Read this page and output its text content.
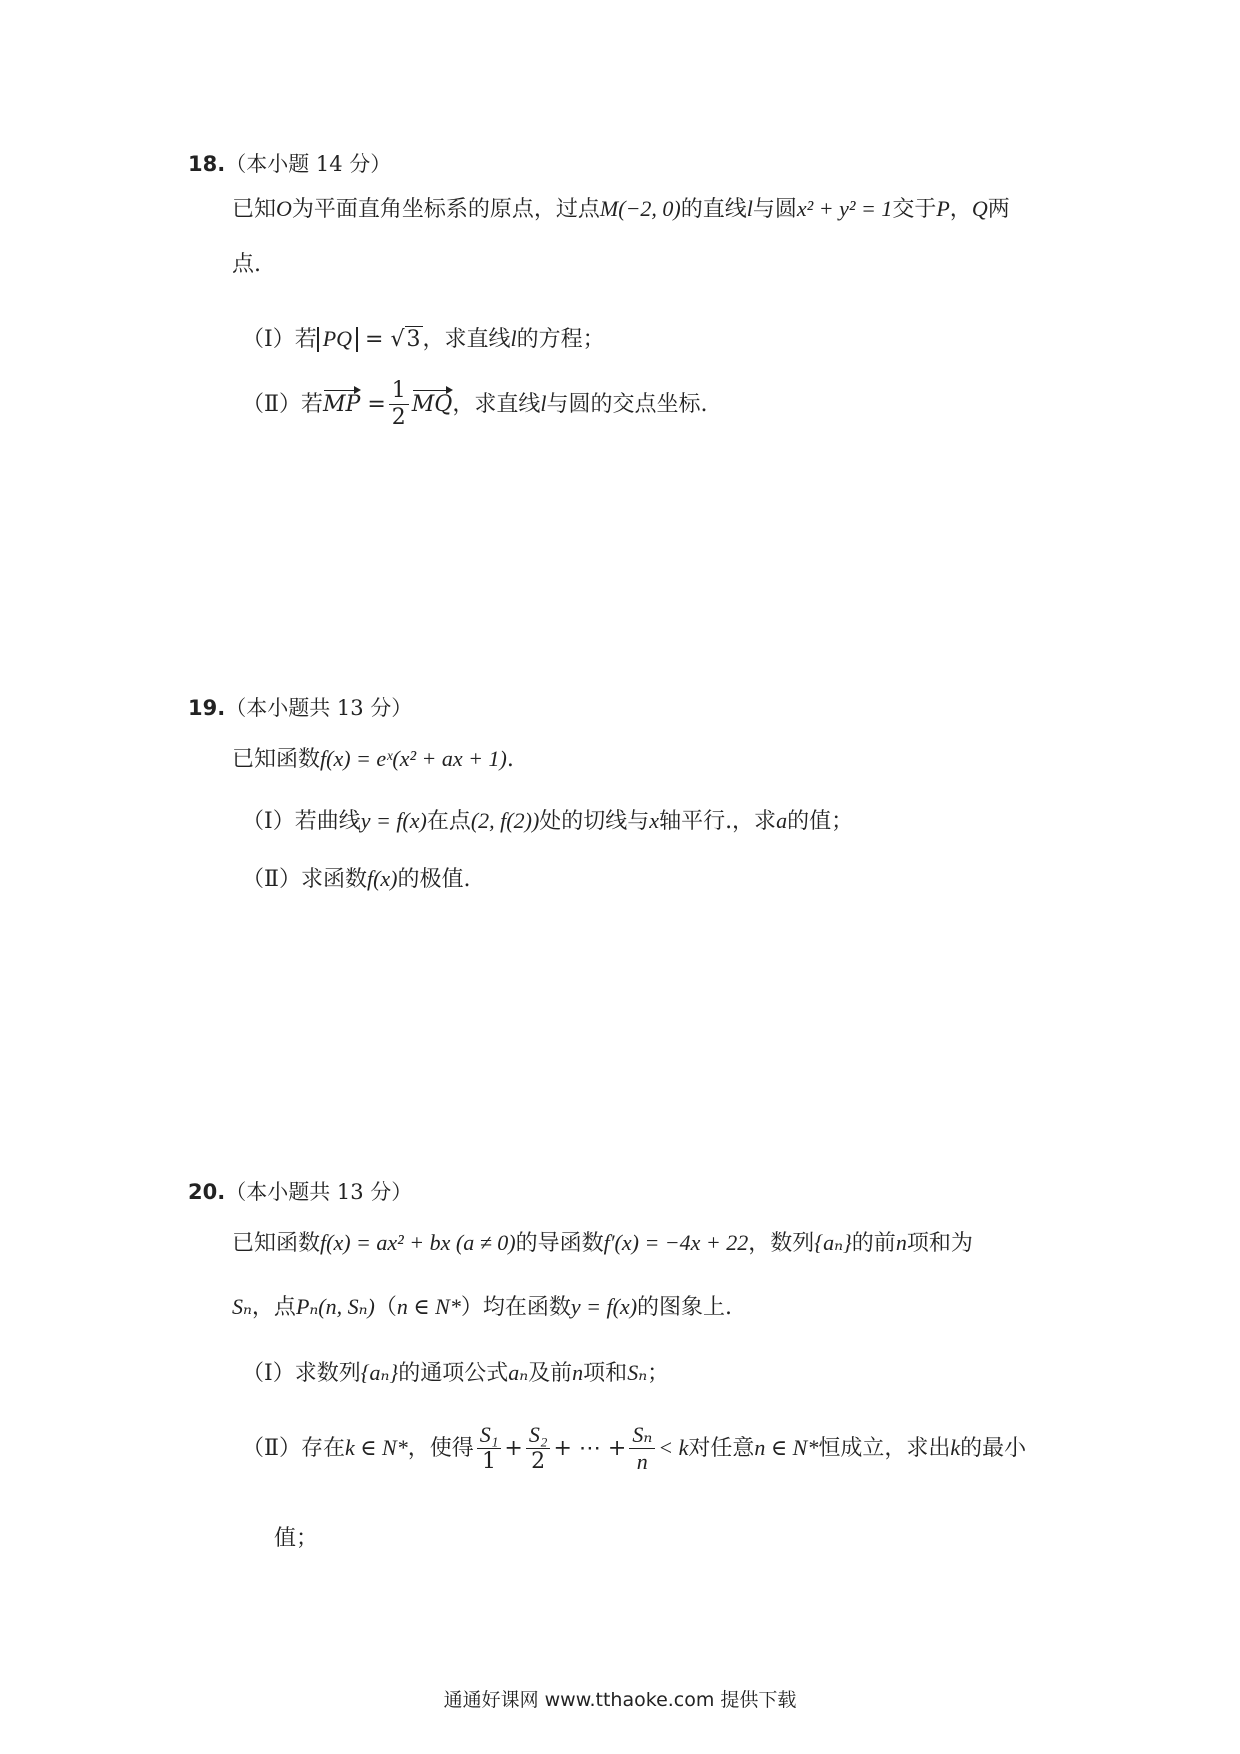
18.（本小题 14 分）
已知O为平面直角坐标系的原点，过点M(−2, 0)的直线l与圆x² + y² = 1交于P，Q两
点.
（Ⅰ）若 PQ = √3，求直线l的方程；
（Ⅱ）若MP = $\frac{1}{2}$ MQ，求直线l与圆的交点坐标.
19.（本小题共 13 分）
已知函数f(x) = eˣ(x² + ax + 1).
（Ⅰ）若曲线y = f(x)在点(2, f(2))处的切线与x轴平行.，求a的值；
（Ⅱ）求函数f(x)的极值.
20.（本小题共 13 分）
已知函数f(x) = ax² + bx (a ≠ 0)的导函数f′(x) = −4x + 22，数列{aₙ}的前n项和为
Sₙ，点Pₙ(n, Sₙ)（n ∈ N*）均在函数y = f(x)的图象上.
（Ⅰ）求数列{aₙ}的通项公式aₙ及前n项和Sₙ；
（Ⅱ）存在k ∈ N*，使得 $\frac{\text{S₁}}{1} + \frac{\text{S₂}}{2}$ + ⋯ + $\frac{\text{Sₙ}}{n} < k$对任意n ∈ N*恒成立，求出k的最小
值；
通通好课网 www.tthaoke.com 提供下载
